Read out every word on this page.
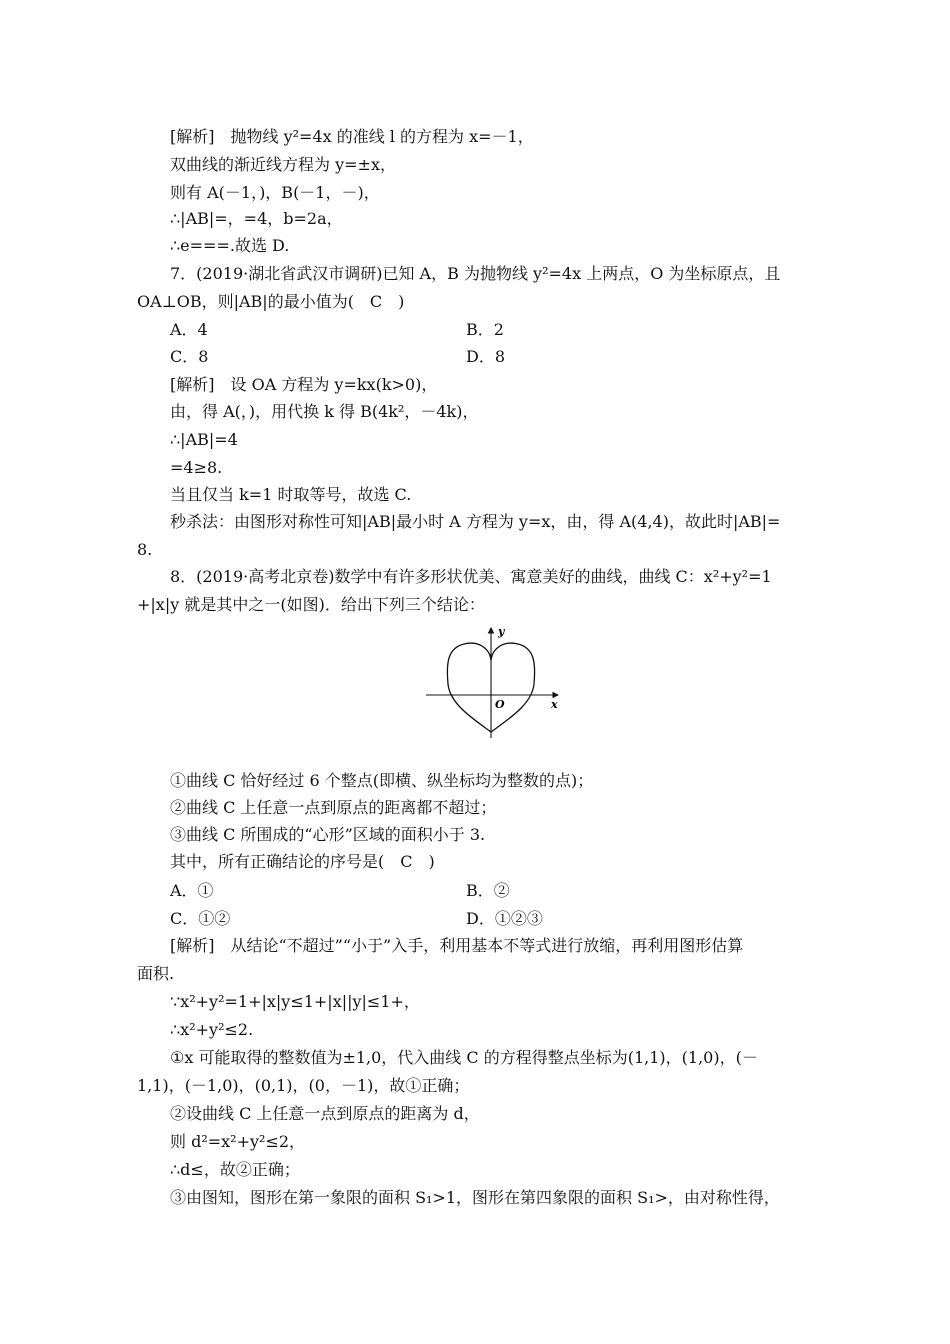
[解析]　抛物线 y²=4x 的准线 l 的方程为 x=－1，
双曲线的渐近线方程为 y=±x，
则有 A(－1，)，B(－1，－)，
∴|AB|=，=4，b=2a，
∴e===.故选 D.
7．(2019·湖北省武汉市调研)已知 A，B 为抛物线 y²=4x 上两点，O 为坐标原点，且
OA⊥OB，则|AB|的最小值为(　C　)
A．4	B．2
C．8	D．8
[解析]　设 OA 方程为 y=kx(k>0)，
由，得 A(，)，用代换 k 得 B(4k²，－4k)，
∴|AB|=4
=4≥8.
当且仅当 k=1 时取等号，故选 C.
秒杀法：由图形对称性可知|AB|最小时 A 方程为 y=x，由，得 A(4,4)，故此时|AB|=
8.
8．(2019·高考北京卷)数学中有许多形状优美、寓意美好的曲线，曲线 C：x²+y²=1
+|x|y 就是其中之一(如图)．给出下列三个结论：
y
x
O
①曲线 C 恰好经过 6 个整点(即横、纵坐标均为整数的点)；
②曲线 C 上任意一点到原点的距离都不超过；
③曲线 C 所围成的“心形”区域的面积小于 3.
其中，所有正确结论的序号是(　C　)
A．①	B．②
C．①②	D．①②③
[解析]　从结论“不超过”“小于”入手，利用基本不等式进行放缩，再利用图形估算
面积.
∵x²+y²=1+|x|y≤1+|x||y|≤1+，
∴x²+y²≤2.
①x 可能取得的整数值为±1,0，代入曲线 C 的方程得整点坐标为(1,1)，(1,0)，(－
1,1)，(－1,0)，(0,1)，(0，－1)，故①正确；
②设曲线 C 上任意一点到原点的距离为 d，
则 d²=x²+y²≤2，
∴d≤，故②正确；
③由图知，图形在第一象限的面积 S₁>1，图形在第四象限的面积 S₁>，由对称性得，
